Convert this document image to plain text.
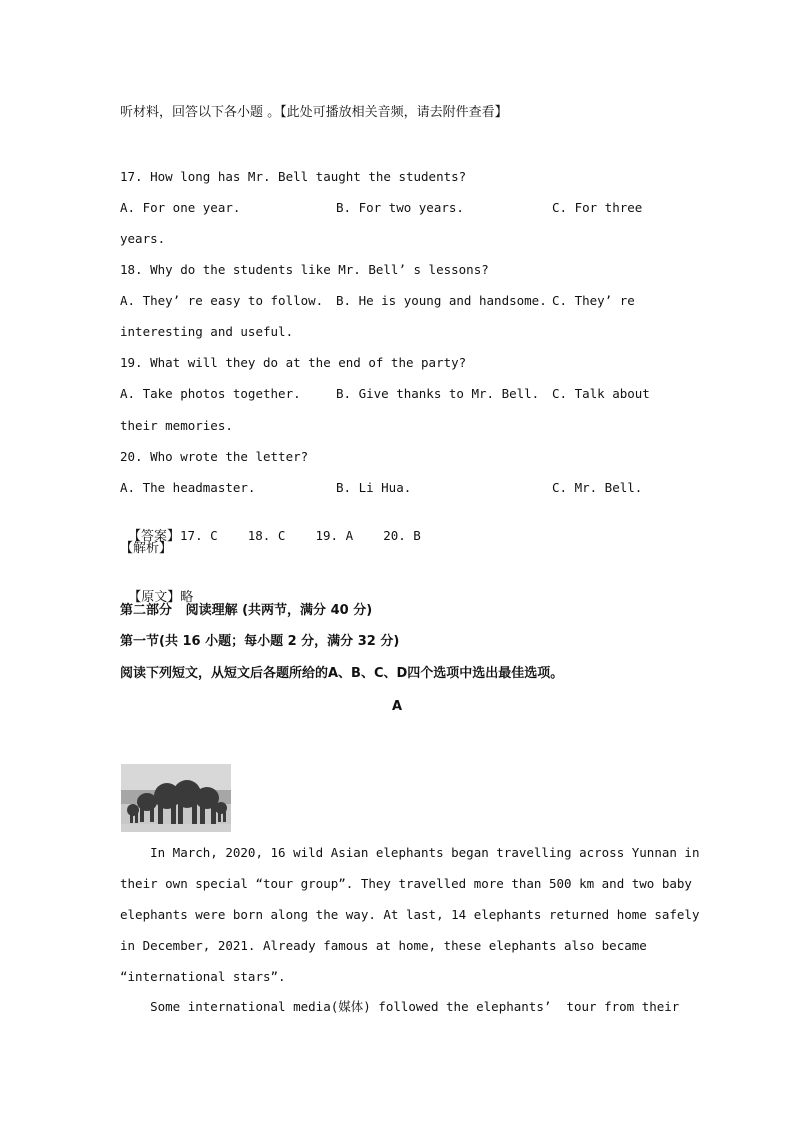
听材料，回答以下各小题 。【此处可播放相关音频，请去附件查看】
17. How long has Mr. Bell taught the students?
A. For one year.	B. For two years.	C. For three
years.
18. Why do the students like Mr. Bell’ s lessons?
A. They’ re easy to follow. B. He is young and handsome. C. They’ re
interesting and useful.
19. What will they do at the end of the party?
A. Take photos together.	B. Give thanks to Mr. Bell. C. Talk about
their memories.
20. Who wrote the letter?
A. The headmaster.	B. Li Hua.	C. Mr. Bell.

【答案】17. C    18. C    19. A    20. B

【解析】

【原文】略

第二部分   阅读理解 (共两节，满分 40 分)
第一节(共 16 小题；每小题 2 分，满分 32 分)
阅读下列短文，从短文后各题所给的A、B、C、D四个选项中选出最佳选项。
A
In March, 2020, 16 wild Asian elephants began travelling across Yunnan in
their own special “tour group”. They travelled more than 500 km and two baby
elephants were born along the way. At last, 14 elephants returned home safely
in December, 2021. Already famous at home, these elephants also became
“international stars”.
Some international media(媒体) followed the elephants’  tour from their
